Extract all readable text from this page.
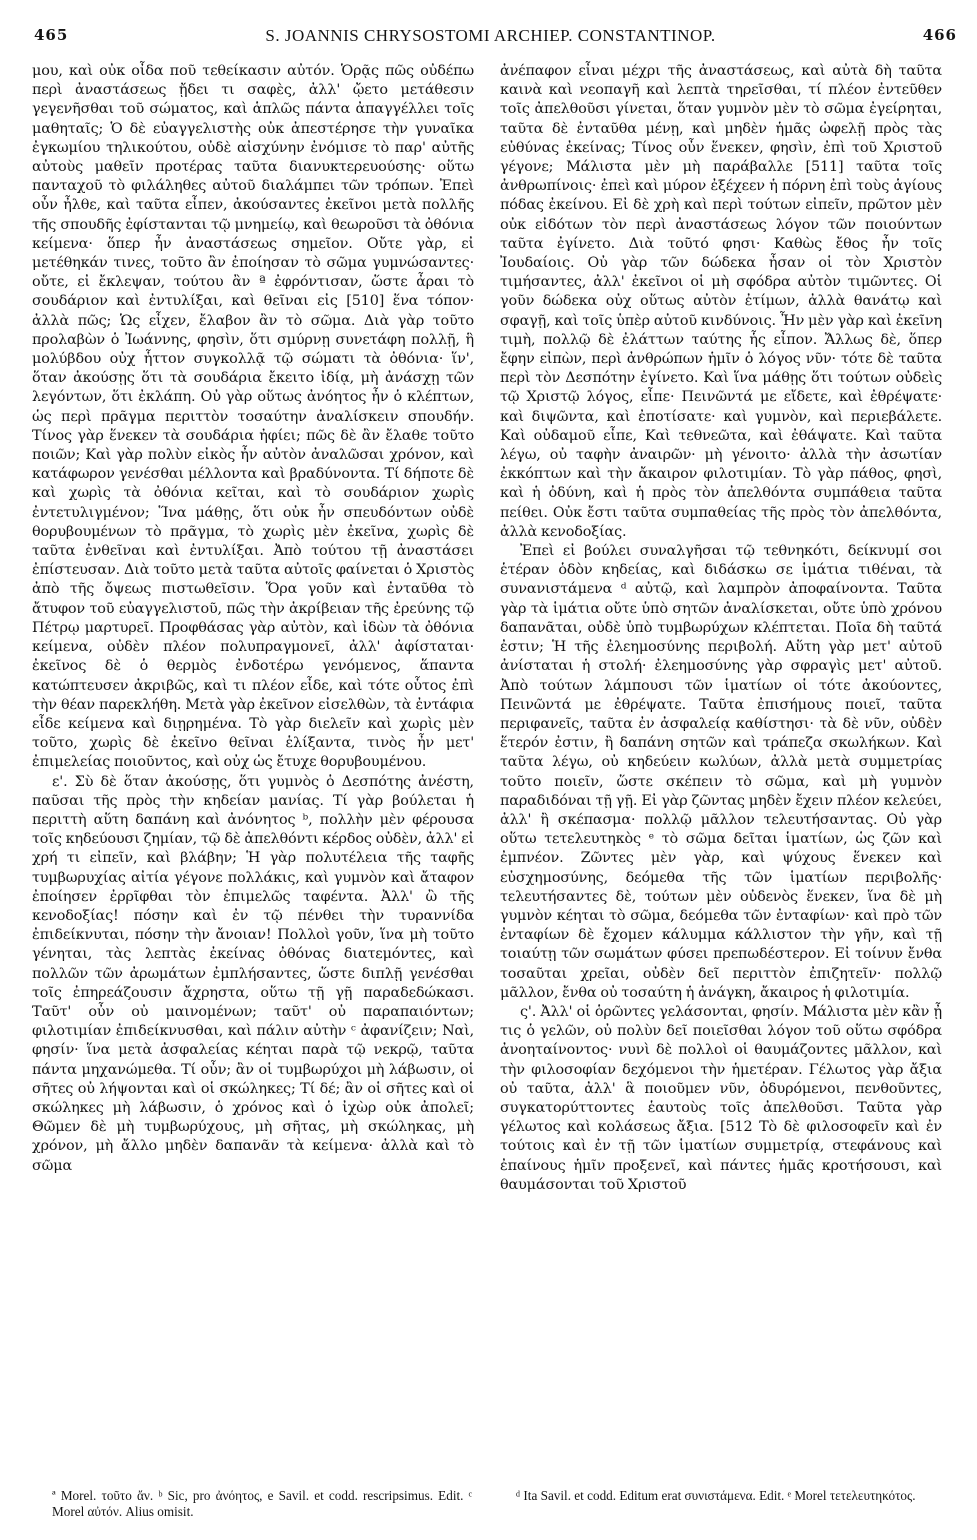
465	S. JOANNIS CHRYSOSTOMI ARCHIEP. CONSTANTINOP.	466

μου, καὶ οὐκ οἶδα ποῦ τεθείκασιν αὐτόν. Ὁρᾷς πῶς οὐδέπω περὶ ἀναστάσεως ᾔδει τι σαφὲς, ἀλλ' ᾤετο μετάθεσιν γεγενῆσθαι τοῦ σώματος, καὶ ἁπλῶς πάντα ἀπαγγέλλει τοῖς μαθηταῖς; Ὁ δὲ εὐαγγελιστὴς οὐκ ἀπεστέρησε τὴν γυναῖκα ἐγκωμίου τηλικούτου, οὐδὲ αἰσχύνην ἐνόμισε τὸ παρ' αὐτῆς αὐτοὺς μαθεῖν προτέρας ταῦτα διανυκτερευούσης· οὕτω πανταχοῦ τὸ φιλάληθες αὐτοῦ διαλάμπει τῶν τρόπων. Ἐπεὶ οὖν ἦλθε, καὶ ταῦτα εἶπεν, ἀκούσαντες ἐκεῖνοι μετὰ πολλῆς τῆς σπουδῆς ἐφίστανται τῷ μνημείῳ, καὶ θεωροῦσι τὰ ὀθόνια κείμενα· ὅπερ ἦν ἀναστάσεως σημεῖον. Οὔτε γὰρ, εἰ μετέθηκάν τινες, τοῦτο ἂν ἐποίησαν τὸ σῶμα γυμνώσαντες· οὔτε, εἰ ἔκλεψαν, τούτου ἂν ª ἐφρόντισαν, ὥστε ἆραι τὸ σουδάριον καὶ ἐντυλίξαι, καὶ θεῖναι εἰς [510] ἕνα τόπον· ἀλλὰ πῶς; Ὡς εἶχεν, ἔλαβον ἂν τὸ σῶμα. Διὰ γὰρ τοῦτο προλαβὼν ὁ Ἰωάννης, φησὶν, ὅτι σμύρνῃ συνετάφη πολλῇ, ἣ μολύβδου οὐχ ἧττον συγκολλᾷ τῷ σώματι τὰ ὀθόνια· ἵν', ὅταν ἀκούσῃς ὅτι τὰ σουδάρια ἔκειτο ἰδίᾳ, μὴ ἀνάσχῃ τῶν λεγόντων, ὅτι ἐκλάπη. Οὐ γὰρ οὕτως ἀνόητος ἦν ὁ κλέπτων, ὡς περὶ πρᾶγμα περιττὸν τοσαύτην ἀναλίσκειν σπουδήν. Τίνος γὰρ ἕνεκεν τὰ σουδάρια ἠφίει; πῶς δὲ ἂν ἔλαθε τοῦτο ποιῶν; Καὶ γὰρ πολὺν εἰκὸς ἦν αὐτὸν ἀναλῶσαι χρόνον, καὶ κατάφωρον γενέσθαι μέλλοντα καὶ βραδύνοντα. Τί δήποτε δὲ καὶ χωρὶς τὰ ὀθόνια κεῖται, καὶ τὸ σουδάριον χωρὶς ἐντετυλιγμένον; Ἵνα μάθῃς, ὅτι οὐκ ἦν σπευδόντων οὐδὲ θορυβουμένων τὸ πρᾶγμα, τὸ χωρὶς μὲν ἐκεῖνα, χωρὶς δὲ ταῦτα ἐνθεῖναι καὶ ἐντυλίξαι. Ἀπὸ τούτου τῇ ἀναστάσει ἐπίστευσαν. Διὰ τοῦτο μετὰ ταῦτα αὐτοῖς φαίνεται ὁ Χριστὸς ἀπὸ τῆς ὄψεως πιστωθεῖσιν. Ὅρα γοῦν καὶ ἐνταῦθα τὸ ἄτυφον τοῦ εὐαγγελιστοῦ, πῶς τὴν ἀκρίβειαν τῆς ἐρεύνης τῷ Πέτρῳ μαρτυρεῖ. Προφθάσας γὰρ αὐτὸν, καὶ ἰδὼν τὰ ὀθόνια κείμενα, οὐδὲν πλέον πολυπραγμονεῖ, ἀλλ' ἀφίσταται· ἐκεῖνος δὲ ὁ θερμὸς ἐνδοτέρω γενόμενος, ἅπαντα κατώπτευσεν ἀκριβῶς, καὶ τι πλέον εἶδε, καὶ τότε οὗτος ἐπὶ τὴν θέαν παρεκλήθη. Μετὰ γὰρ ἐκεῖνον εἰσελθὼν, τὰ ἐντάφια εἶδε κείμενα καὶ διῃρημένα. Τὸ γὰρ διελεῖν καὶ χωρὶς μὲν τοῦτο, χωρὶς δὲ ἐκεῖνο θεῖναι ἑλίξαντα, τινὸς ἦν μετ' ἐπιμελείας ποιοῦντος, καὶ οὐχ ὡς ἔτυχε θορυβουμένου.

ε'. Σὺ δὲ ὅταν ἀκούσῃς, ὅτι γυμνὸς ὁ Δεσπότης ἀνέστη, παῦσαι τῆς πρὸς τὴν κηδείαν μανίας. Τί γὰρ βούλεται ἡ περιττὴ αὕτη δαπάνη καὶ ἀνόνητος ᵇ, πολλὴν μὲν φέρουσα τοῖς κηδεύουσι ζημίαν, τῷ δὲ ἀπελθόντι κέρδος οὐδὲν, ἀλλ' εἰ χρή τι εἰπεῖν, καὶ βλάβην; Ἡ γὰρ πολυτέλεια τῆς ταφῆς τυμβωρυχίας αἰτία γέγονε πολλάκις, καὶ γυμνὸν καὶ ἄταφον ἐποίησεν ἐρρῖφθαι τὸν ἐπιμελῶς ταφέντα. Ἀλλ' ὢ τῆς κενοδοξίας! πόσην καὶ ἐν τῷ πένθει τὴν τυραννίδα ἐπιδείκνυται, πόσην τὴν ἄνοιαν! Πολλοὶ γοῦν, ἵνα μὴ τοῦτο γένηται, τὰς λεπτὰς ἐκείνας ὀθόνας διατεμόντες, καὶ πολλῶν τῶν ἀρωμάτων ἐμπλήσαντες, ὥστε διπλῇ γενέσθαι τοῖς ἐπηρεάζουσιν ἄχρηστα, οὕτω τῇ γῇ παραδεδώκασι. Ταῦτ' οὖν οὐ μαινομένων; ταῦτ' οὐ παραπαιόντων; φιλοτιμίαν ἐπιδείκνυσθαι, καὶ πάλιν αὐτὴν ᶜ ἀφανίζειν; Ναὶ, φησίν· ἵνα μετὰ ἀσφαλείας κέηται παρὰ τῷ νεκρῷ, ταῦτα πάντα μηχανώμεθα. Τί οὖν; ἂν οἱ τυμβωρύχοι μὴ λάβωσιν, οἱ σῆτες οὐ λήψονται καὶ οἱ σκώληκες; Τί δέ; ἂν οἱ σῆτες καὶ οἱ σκώληκες μὴ λάβωσιν, ὁ χρόνος καὶ ὁ ἰχὼρ οὐκ ἀπολεῖ; Θῶμεν δὲ μὴ τυμβωρύχους, μὴ σῆτας, μὴ σκώληκας, μὴ χρόνον, μὴ ἄλλο μηδὲν δαπανᾶν τὰ κείμενα· ἀλλὰ καὶ τὸ σῶμα

ἀνέπαφον εἶναι μέχρι τῆς ἀναστάσεως, καὶ αὐτὰ δὴ ταῦτα καινὰ καὶ νεοπαγῆ καὶ λεπτὰ τηρεῖσθαι, τί πλέον ἐντεῦθεν τοῖς ἀπελθοῦσι γίνεται, ὅταν γυμνὸν μὲν τὸ σῶμα ἐγείρηται, ταῦτα δὲ ἐνταῦθα μένῃ, καὶ μηδὲν ἡμᾶς ὠφελῇ πρὸς τὰς εὐθύνας ἐκείνας; Τίνος οὖν ἕνεκεν, φησὶν, ἐπὶ τοῦ Χριστοῦ γέγονε; Μάλιστα μὲν μὴ παράβαλλε [511] ταῦτα τοῖς ἀνθρωπίνοις· ἐπεὶ καὶ μύρον ἐξέχεεν ἡ πόρνη ἐπὶ τοὺς ἁγίους πόδας ἐκείνου. Εἰ δὲ χρὴ καὶ περὶ τούτων εἰπεῖν, πρῶτον μὲν οὐκ εἰδότων τὸν περὶ ἀναστάσεως λόγον τῶν ποιούντων ταῦτα ἐγίνετο. Διὰ τοῦτό φησι· Καθὼς ἔθος ἦν τοῖς Ἰουδαίοις. Οὐ γὰρ τῶν δώδεκα ἦσαν οἱ τὸν Χριστὸν τιμήσαντες, ἀλλ' ἐκεῖνοι οἱ μὴ σφόδρα αὐτὸν τιμῶντες. Οἱ γοῦν δώδεκα οὐχ οὕτως αὐτὸν ἐτίμων, ἀλλὰ θανάτῳ καὶ σφαγῇ, καὶ τοῖς ὑπὲρ αὐτοῦ κινδύνοις. Ἦν μὲν γὰρ καὶ ἐκεῖνη τιμὴ, πολλῷ δὲ ἐλάττων ταύτης ἧς εἶπον. Ἄλλως δὲ, ὅπερ ἔφην εἰπὼν, περὶ ἀνθρώπων ἡμῖν ὁ λόγος νῦν· τότε δὲ ταῦτα περὶ τὸν Δεσπότην ἐγίνετο. Καὶ ἵνα μάθῃς ὅτι τούτων οὐδεὶς τῷ Χριστῷ λόγος, εἶπε· Πεινῶντά με εἴδετε, καὶ ἐθρέψατε· καὶ διψῶντα, καὶ ἐποτίσατε· καὶ γυμνὸν, καὶ περιεβάλετε. Καὶ οὐδαμοῦ εἶπε, Καὶ τεθνεῶτα, καὶ ἐθάψατε. Καὶ ταῦτα λέγω, οὐ ταφὴν ἀναιρῶν· μὴ γένοιτο· ἀλλὰ τὴν ἀσωτίαν ἐκκόπτων καὶ τὴν ἄκαιρον φιλοτιμίαν. Τὸ γὰρ πάθος, φησὶ, καὶ ἡ ὀδύνη, καὶ ἡ πρὸς τὸν ἀπελθόντα συμπάθεια ταῦτα πείθει. Οὐκ ἔστι ταῦτα συμπαθείας τῆς πρὸς τὸν ἀπελθόντα, ἀλλὰ κενοδοξίας.

Ἐπεὶ εἰ βούλει συναλγῆσαι τῷ τεθνηκότι, δείκνυμί σοι ἑτέραν ὁδὸν κηδείας, καὶ διδάσκω σε ἱμάτια τιθέναι, τὰ συνανιστάμενα ᵈ αὐτῷ, καὶ λαμπρὸν ἀποφαίνοντα. Ταῦτα γὰρ τὰ ἱμάτια οὔτε ὑπὸ σητῶν ἀναλίσκεται, οὔτε ὑπὸ χρόνου δαπανᾶται, οὐδὲ ὑπὸ τυμβωρύχων κλέπτεται. Ποῖα δὴ ταῦτά ἐστιν; Ἡ τῆς ἐλεημοσύνης περιβολή. Αὕτη γὰρ μετ' αὐτοῦ ἀνίσταται ἡ στολή· ἐλεημοσύνης γὰρ σφραγὶς μετ' αὐτοῦ. Ἀπὸ τούτων λάμπουσι τῶν ἱματίων οἱ τότε ἀκούοντες, Πεινῶντά με ἐθρέψατε. Ταῦτα ἐπισήμους ποιεῖ, ταῦτα περιφανεῖς, ταῦτα ἐν ἀσφαλείᾳ καθίστησι· τὰ δὲ νῦν, οὐδὲν ἕτερόν ἐστιν, ἢ δαπάνη σητῶν καὶ τράπεζα σκωλήκων. Καὶ ταῦτα λέγω, οὐ κηδεύειν κωλύων, ἀλλὰ μετὰ συμμετρίας τοῦτο ποιεῖν, ὥστε σκέπειν τὸ σῶμα, καὶ μὴ γυμνὸν παραδιδόναι τῇ γῇ. Εἰ γὰρ ζῶντας μηδὲν ἔχειν πλέον κελεύει, ἀλλ' ἢ σκέπασμα· πολλῷ μᾶλλον τελευτήσαντας. Οὐ γὰρ οὕτω τετελευτηκὸς ᵉ τὸ σῶμα δεῖται ἱματίων, ὡς ζῶν καὶ ἐμπνέον. Ζῶντες μὲν γὰρ, καὶ ψύχους ἕνεκεν καὶ εὐσχημοσύνης, δεόμεθα τῆς τῶν ἱματίων περιβολῆς· τελευτήσαντες δὲ, τούτων μὲν οὐδενὸς ἕνεκεν, ἵνα δὲ μὴ γυμνὸν κέηται τὸ σῶμα, δεόμεθα τῶν ἐνταφίων· καὶ πρὸ τῶν ἐνταφίων δὲ ἔχομεν κάλυμμα κάλλιστον τὴν γῆν, καὶ τῇ τοιαύτῃ τῶν σωμάτων φύσει πρεπωδέστερον. Εἰ τοίνυν ἔνθα τοσαῦται χρεῖαι, οὐδὲν δεῖ περιττὸν ἐπιζητεῖν· πολλῷ μᾶλλον, ἔνθα οὐ τοσαύτη ἡ ἀνάγκη, ἄκαιρος ἡ φιλοτιμία.

ς'. Ἀλλ' οἱ ὁρῶντες γελάσονται, φησίν. Μάλιστα μὲν κἂν ᾖ τις ὁ γελῶν, οὐ πολὺν δεῖ ποιεῖσθαι λόγον τοῦ οὕτω σφόδρα ἀνοηταίνοντος· νυνὶ δὲ πολλοὶ οἱ θαυμάζοντες μᾶλλον, καὶ τὴν φιλοσοφίαν δεχόμενοι τὴν ἡμετέραν. Γέλωτος γὰρ ἄξια οὐ ταῦτα, ἀλλ' ἃ ποιοῦμεν νῦν, ὀδυρόμενοι, πενθοῦντες, συγκατορύττοντες ἑαυτοὺς τοῖς ἀπελθοῦσι. Ταῦτα γὰρ γέλωτος καὶ κολάσεως ἄξια. [512 Τὸ δὲ φιλοσοφεῖν καὶ ἐν τούτοις καὶ ἐν τῇ τῶν ἱματίων συμμετρίᾳ, στεφάνους καὶ ἐπαίνους ἡμῖν προξενεῖ, καὶ πάντες ἡμᾶς κροτήσουσι, καὶ θαυμάσονται τοῦ Χριστοῦ

ª Morel. τοῦτο ἄν. ᵇ Sic, pro ἀνόητος, e Savil. et codd. rescripsimus. Edit. ᶜ Morel αὐτόν. Alius omisit.

ᵈ Ita Savil. et codd. Editum erat συνιστάμενα. Edit. ᵉ Morel τετελευτηκότος.
